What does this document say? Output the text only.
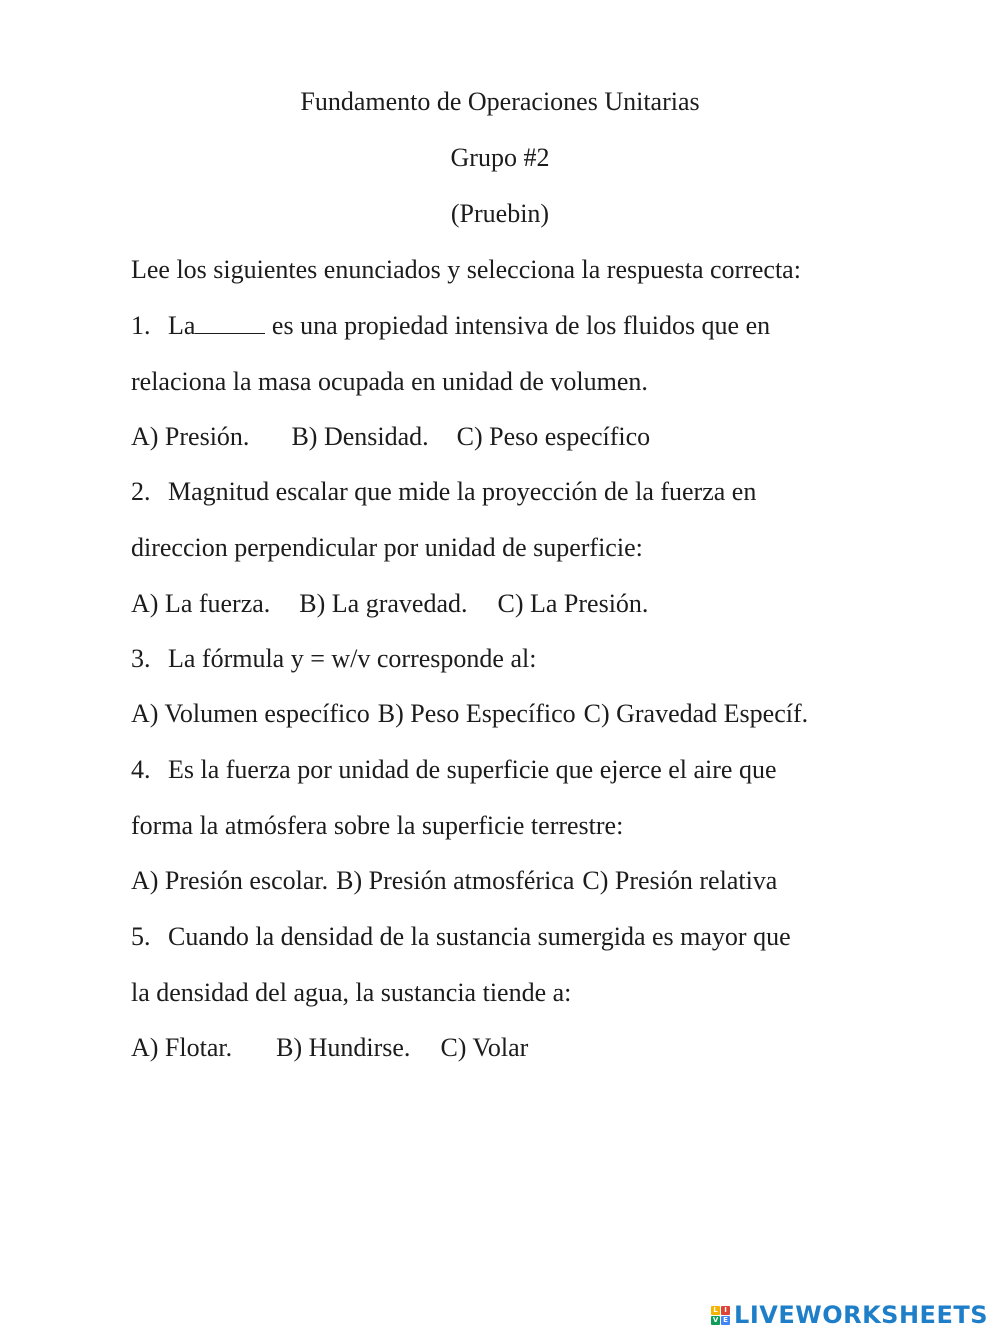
Fundamento de Operaciones Unitarias
Grupo #2
(Pruebin)
Lee los siguientes enunciados y selecciona la respuesta correcta:
1. La	es una propiedad intensiva de los fluidos que en
relaciona la masa ocupada en unidad de volumen.
A) Presión. B) Densidad. C) Peso específico
2. Magnitud escalar que mide la proyección de la fuerza en
direccion perpendicular por unidad de superficie:
A) La fuerza. B) La gravedad. C) La Presión.
3. La fórmula y = w/v corresponde al:
A) Volumen específico B) Peso Específico C) Gravedad Específ.
4. Es la fuerza por unidad de superficie que ejerce el aire que
forma la atmósfera sobre la superficie terrestre:
A) Presión escolar. B) Presión atmosférica C) Presión relativa
5. Cuando la densidad de la sustancia sumergida es mayor que
la densidad del agua, la sustancia tiende a:
A) Flotar. B) Hundirse. C) Volar
L I
V E LIVEWORKSHEETS
